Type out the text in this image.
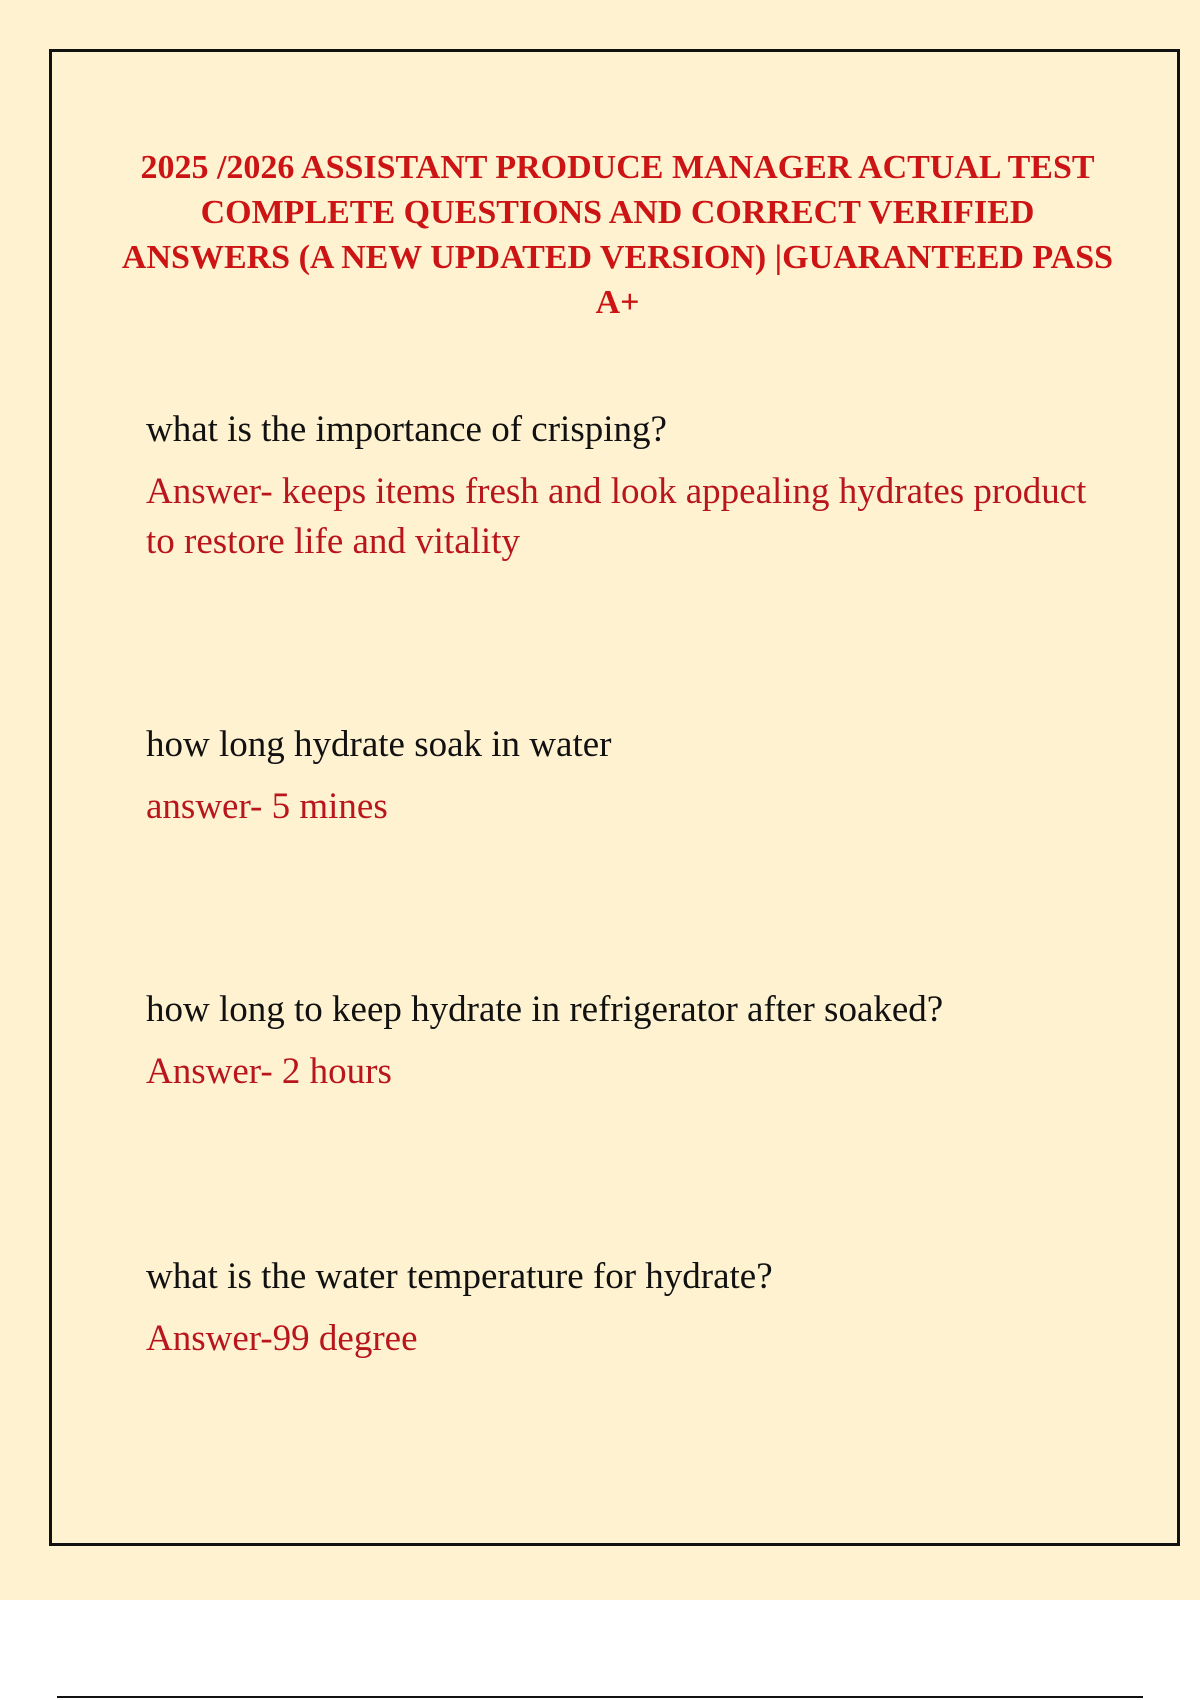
2025 /2026 ASSISTANT PRODUCE MANAGER ACTUAL TEST COMPLETE QUESTIONS AND CORRECT VERIFIED ANSWERS (A NEW UPDATED VERSION) |GUARANTEED PASS A+

what is the importance of crisping?

Answer- keeps items fresh and look appealing hydrates product to restore life and vitality

how long hydrate soak in water

answer- 5 mines

how long to keep hydrate in refrigerator after soaked?

Answer- 2 hours

what is the water temperature for hydrate?

Answer-99 degree
